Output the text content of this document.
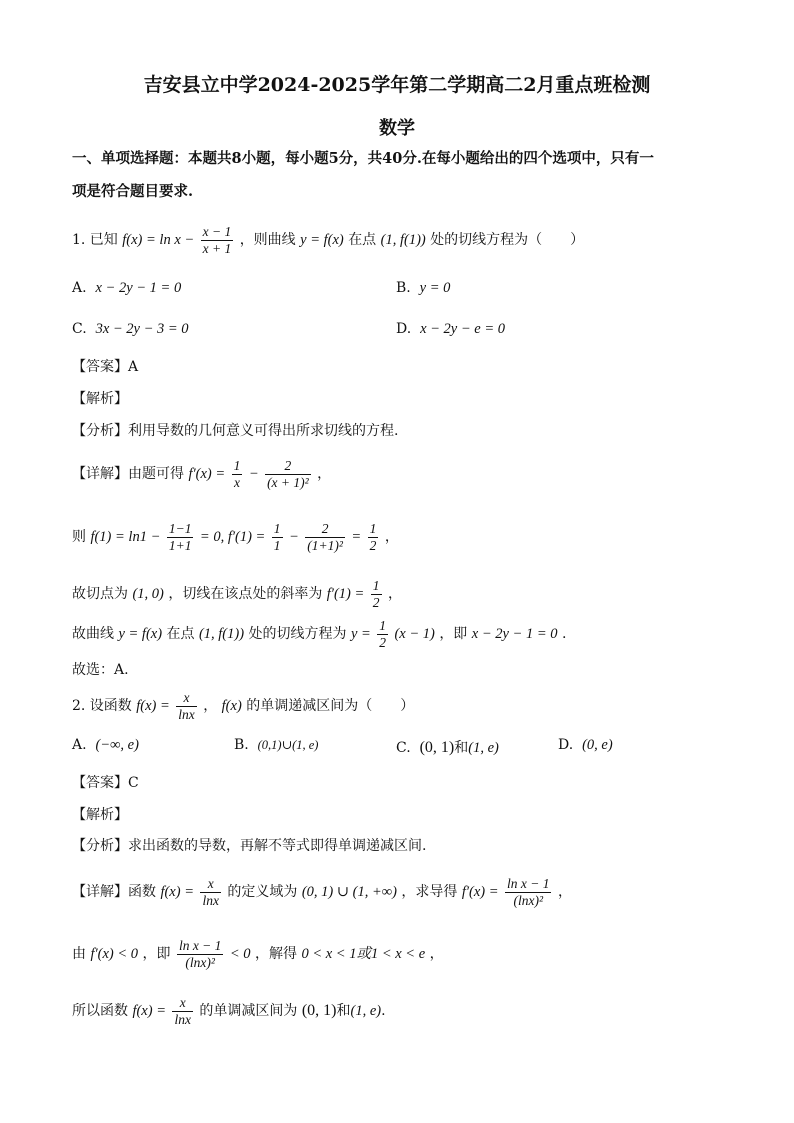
吉安县立中学2024-2025学年第二学期高二2月重点班检测
数学
一、单项选择题：本题共8小题，每小题5分，共40分.在每小题给出的四个选项中，只有一
项是符合题目要求.
1. 已知 $f(x) = \ln x - \frac{x - 1}{x + 1}$ ，则曲线 y = f(x) 在点 (1, f(1)) 处的切线方程为（　　）
A.  x − 2y − 1 = 0	B.  y = 0
C.  3x − 2y − 3 = 0	D.  x − 2y − e = 0
【答案】A
【解析】
【分析】利用导数的几何意义可得出所求切线的方程.
【详解】由题可得 $f'(x) = \frac{1}{x} - \frac{2}{\text{(x + 1)²}}$ ，
则 $f(1) = \ln 1 - \frac{1-1}{1+1} = 0$, $f'(1) = \frac{1}{1} - \frac{2}{\text{(1+1)²}} = \frac{1}{2}$ ，
故切点为 (1, 0) ，切线在该点处的斜率为 $f'(1) = \frac{1}{2}$ ，
故曲线 y = f(x) 在点 (1, f(1)) 处的切线方程为 $y = \frac{1}{2} (x - 1)$ ，即 x − 2y − 1 = 0 .
故选：A.
2. 设函数 $f(x) = \frac{x}{\ln x}$ ， f(x) 的单调递减区间为（　　）
A.  (−∞, e)	B.  (0,1)∪(1, e)	C.  (0, 1)和(1, e)	D.  (0, e)
【答案】C
【解析】
【分析】求出函数的导数，再解不等式即得单调递减区间.
【详解】函数 $f(x) = \frac{x}{\ln x}$ 的定义域为 (0, 1) ∪ (1, +∞) ，求导得 $f'(x) = \frac{\text{ln x − 1}}{\text{(lnx)²}}$ ，
由 f′(x) < 0 ，即 $\frac{\text{ln x − 1}}{\text{(lnx)²}} < 0$ ，解得 0 < x < 1或1 < x < e ，
所以函数 $f(x) = \frac{x}{\ln x}$ 的单调减区间为 (0, 1)和(1, e).
